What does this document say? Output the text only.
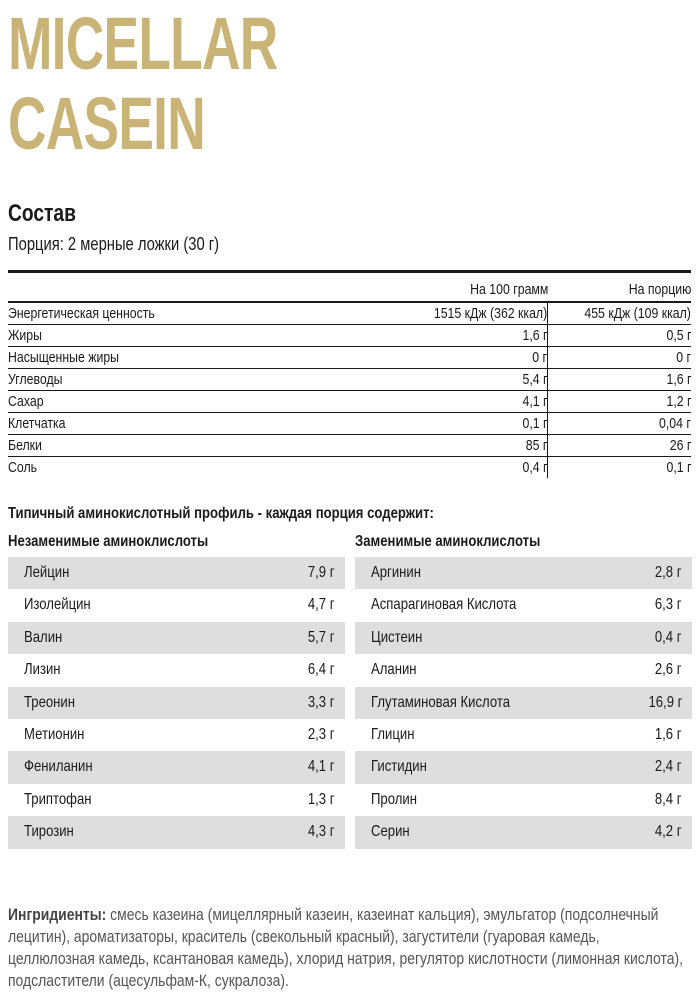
MICELLAR
CASEIN
Состав
Порция: 2 мерные ложки (30 г)
На 100 грамм	На порцию
Энергетическая ценность	1515 кДж (362 ккал)	455 кДж (109 ккал)
Жиры	1,6 г	0,5 г
Насыщенные жиры	0 г	0 г
Углеводы	5,4 г	1,6 г
Сахар	4,1 г	1,2 г
Клетчатка	0,1 г	0,04 г
Белки	85 г	26 г
Соль	0,4 г	0,1 г
Типичный аминокислотный профиль - каждая порция содержит:
Незаменимые аминоклислоты	Заменимые аминоклислоты
Лейцин	7,9 г
Изолейцин	4,7 г
Валин	5,7 г
Лизин	6,4 г
Треонин	3,3 г
Метионин	2,3 г
Фениланин	4,1 г
Триптофан	1,3 г
Тирозин	4,3 г
Аргинин	2,8 г
Аспарагиновая Кислота	6,3 г
Цистеин	0,4 г
Аланин	2,6 г
Глутаминовая Кислота	16,9 г
Глицин	1,6 г
Гистидин	2,4 г
Пролин	8,4 г
Серин	4,2 г
Ингридиенты: смесь казеина (мицеллярный казеин, казеинат кальция), эмульгатор (подсолнечный лецитин), ароматизаторы, краситель (свекольный красный), загустители (гуаровая камедь, целлюлозная камедь, ксантановая камедь), хлорид натрия, регулятор кислотности (лимонная кислота), подсластители (ацесульфам-К, сукралоза).
